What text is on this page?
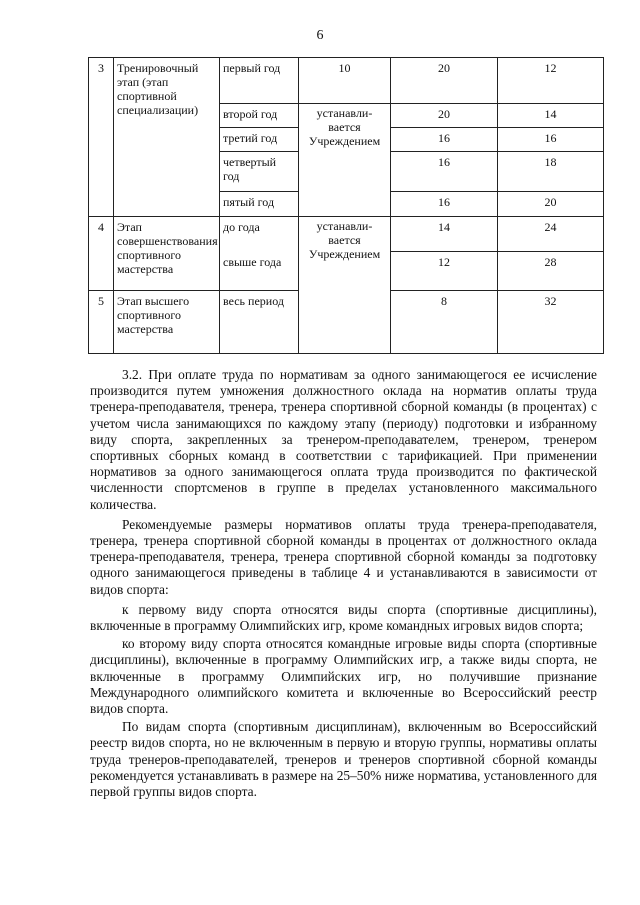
6
3	Тренировочный этап (этап спортивной специализации)	первый год	10	20	12
		второй год	устанавли-
вается
Учреждением	20	14
		третий год		16	16
		четвертый год		16	18
		пятый год		16	20
4	Этап совершенствования спортивного мастерства	до года	устанавли-
вается
Учреждением	14	24
		свыше года		12	28
5	Этап высшего спортивного мастерства	весь период		8	32

3.2. При оплате труда по нормативам за одного занимающегося ее исчисление производится путем умножения должностного оклада на норматив оплаты труда тренера-преподавателя, тренера, тренера спортивной сборной команды (в процентах) с учетом числа занимающихся по каждому этапу (периоду) подготовки и избранному виду спорта, закрепленных за тренером-преподавателем, тренером, тренером спортивных сборных команд в соответствии с тарификацией. При применении нормативов за одного занимающегося оплата труда производится по фактической численности спортсменов в группе в пределах установленного максимального количества.

Рекомендуемые размеры нормативов оплаты труда тренера-преподавателя, тренера, тренера спортивной сборной команды в процентах от должностного оклада тренера-преподавателя, тренера, тренера спортивной сборной команды за подготовку одного занимающегося приведены в таблице 4 и устанавливаются в зависимости от видов спорта:

к первому виду спорта относятся виды спорта (спортивные дисциплины), включенные в программу Олимпийских игр, кроме командных игровых видов спорта;

ко второму виду спорта относятся командные игровые виды спорта (спортивные дисциплины), включенные в программу Олимпийских игр, а также виды спорта, не включенные в программу Олимпийских игр, но получившие признание Международного олимпийского комитета и включенные во Всероссийский реестр видов спорта.

По видам спорта (спортивным дисциплинам), включенным во Всероссийский реестр видов спорта, но не включенным в первую и вторую группы, нормативы оплаты труда тренеров-преподавателей, тренеров и тренеров спортивной сборной команды рекомендуется устанавливать в размере на 25–50% ниже норматива, установленного для первой группы видов спорта.
